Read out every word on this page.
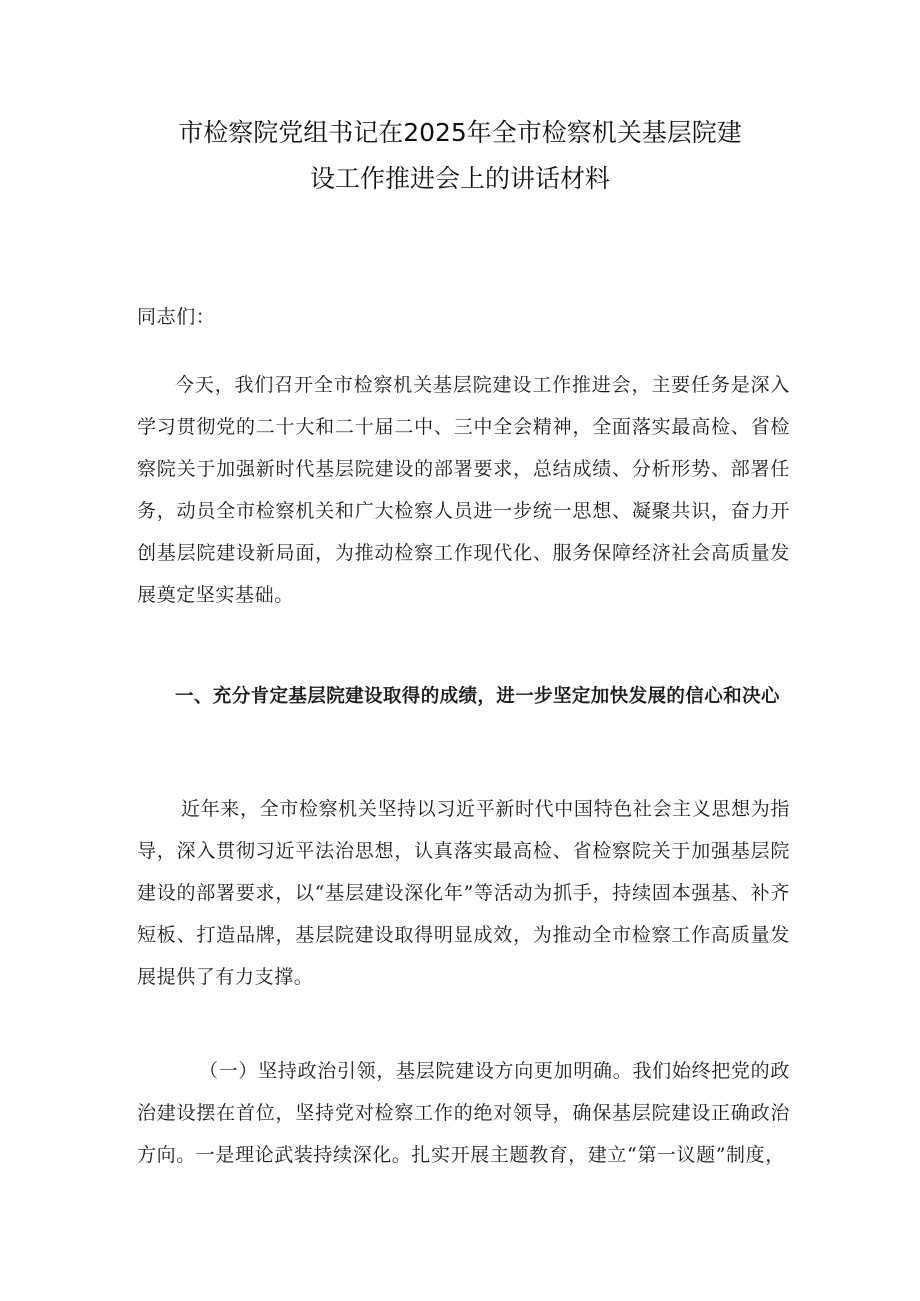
市检察院党组书记在2025年全市检察机关基层院建
设工作推进会上的讲话材料
同志们：
今天，我们召开全市检察机关基层院建设工作推进会，主要任务是深入学习贯彻党的二十大和二十届二中、三中全会精神，全面落实最高检、省检察院关于加强新时代基层院建设的部署要求，总结成绩、分析形势、部署任务，动员全市检察机关和广大检察人员进一步统一思想、凝聚共识，奋力开创基层院建设新局面，为推动检察工作现代化、服务保障经济社会高质量发展奠定坚实基础。
一、充分肯定基层院建设取得的成绩，进一步坚定加快发展的信心和决心
近年来，全市检察机关坚持以习近平新时代中国特色社会主义思想为指导，深入贯彻习近平法治思想，认真落实最高检、省检察院关于加强基层院建设的部署要求，以“基层建设深化年”等活动为抓手，持续固本强基、补齐短板、打造品牌，基层院建设取得明显成效，为推动全市检察工作高质量发展提供了有力支撑。
（一）坚持政治引领，基层院建设方向更加明确。我们始终把党的政治建设摆在首位，坚持党对检察工作的绝对领导，确保基层院建设正确政治方向。一是理论武装持续深化。扎实开展主题教育，建立“第一议题”制度，
